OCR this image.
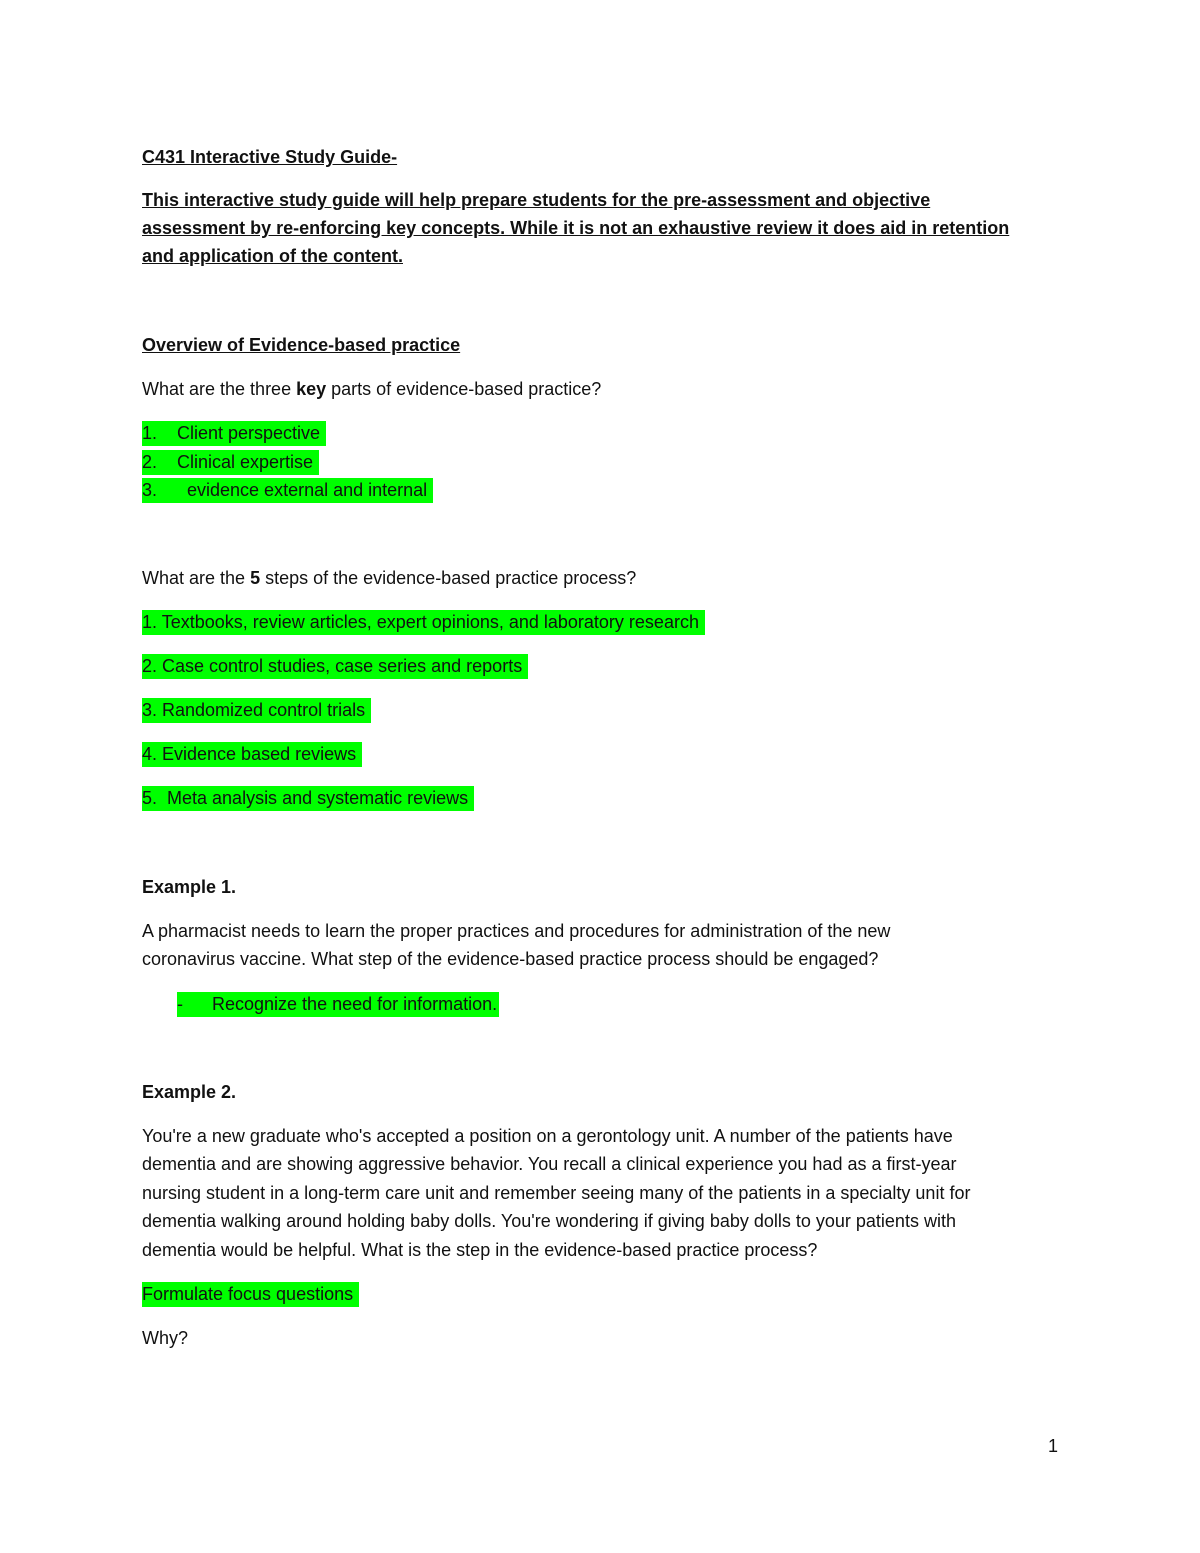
C431 Interactive Study Guide-
This interactive study guide will help prepare students for the pre-assessment and objective
assessment by re-enforcing key concepts. While it is not an exhaustive review it does aid in retention
and application of the content.
Overview of Evidence-based practice
What are the three key parts of evidence-based practice?
1. Client perspective
2. Clinical expertise
3.  evidence external and internal
What are the 5 steps of the evidence-based practice process?
1. Textbooks, review articles, expert opinions, and laboratory research
2. Case control studies, case series and reports
3. Randomized control trials
4. Evidence based reviews
5.  Meta analysis and systematic reviews
Example 1.
A pharmacist needs to learn the proper practices and procedures for administration of the new
coronavirus vaccine. What step of the evidence-based practice process should be engaged?
- Recognize the need for information.
Example 2.
You're a new graduate who's accepted a position on a gerontology unit. A number of the patients have
dementia and are showing aggressive behavior. You recall a clinical experience you had as a first-year
nursing student in a long-term care unit and remember seeing many of the patients in a specialty unit for
dementia walking around holding baby dolls. You're wondering if giving baby dolls to your patients with
dementia would be helpful. What is the step in the evidence-based practice process?
Formulate focus questions
Why?
1
